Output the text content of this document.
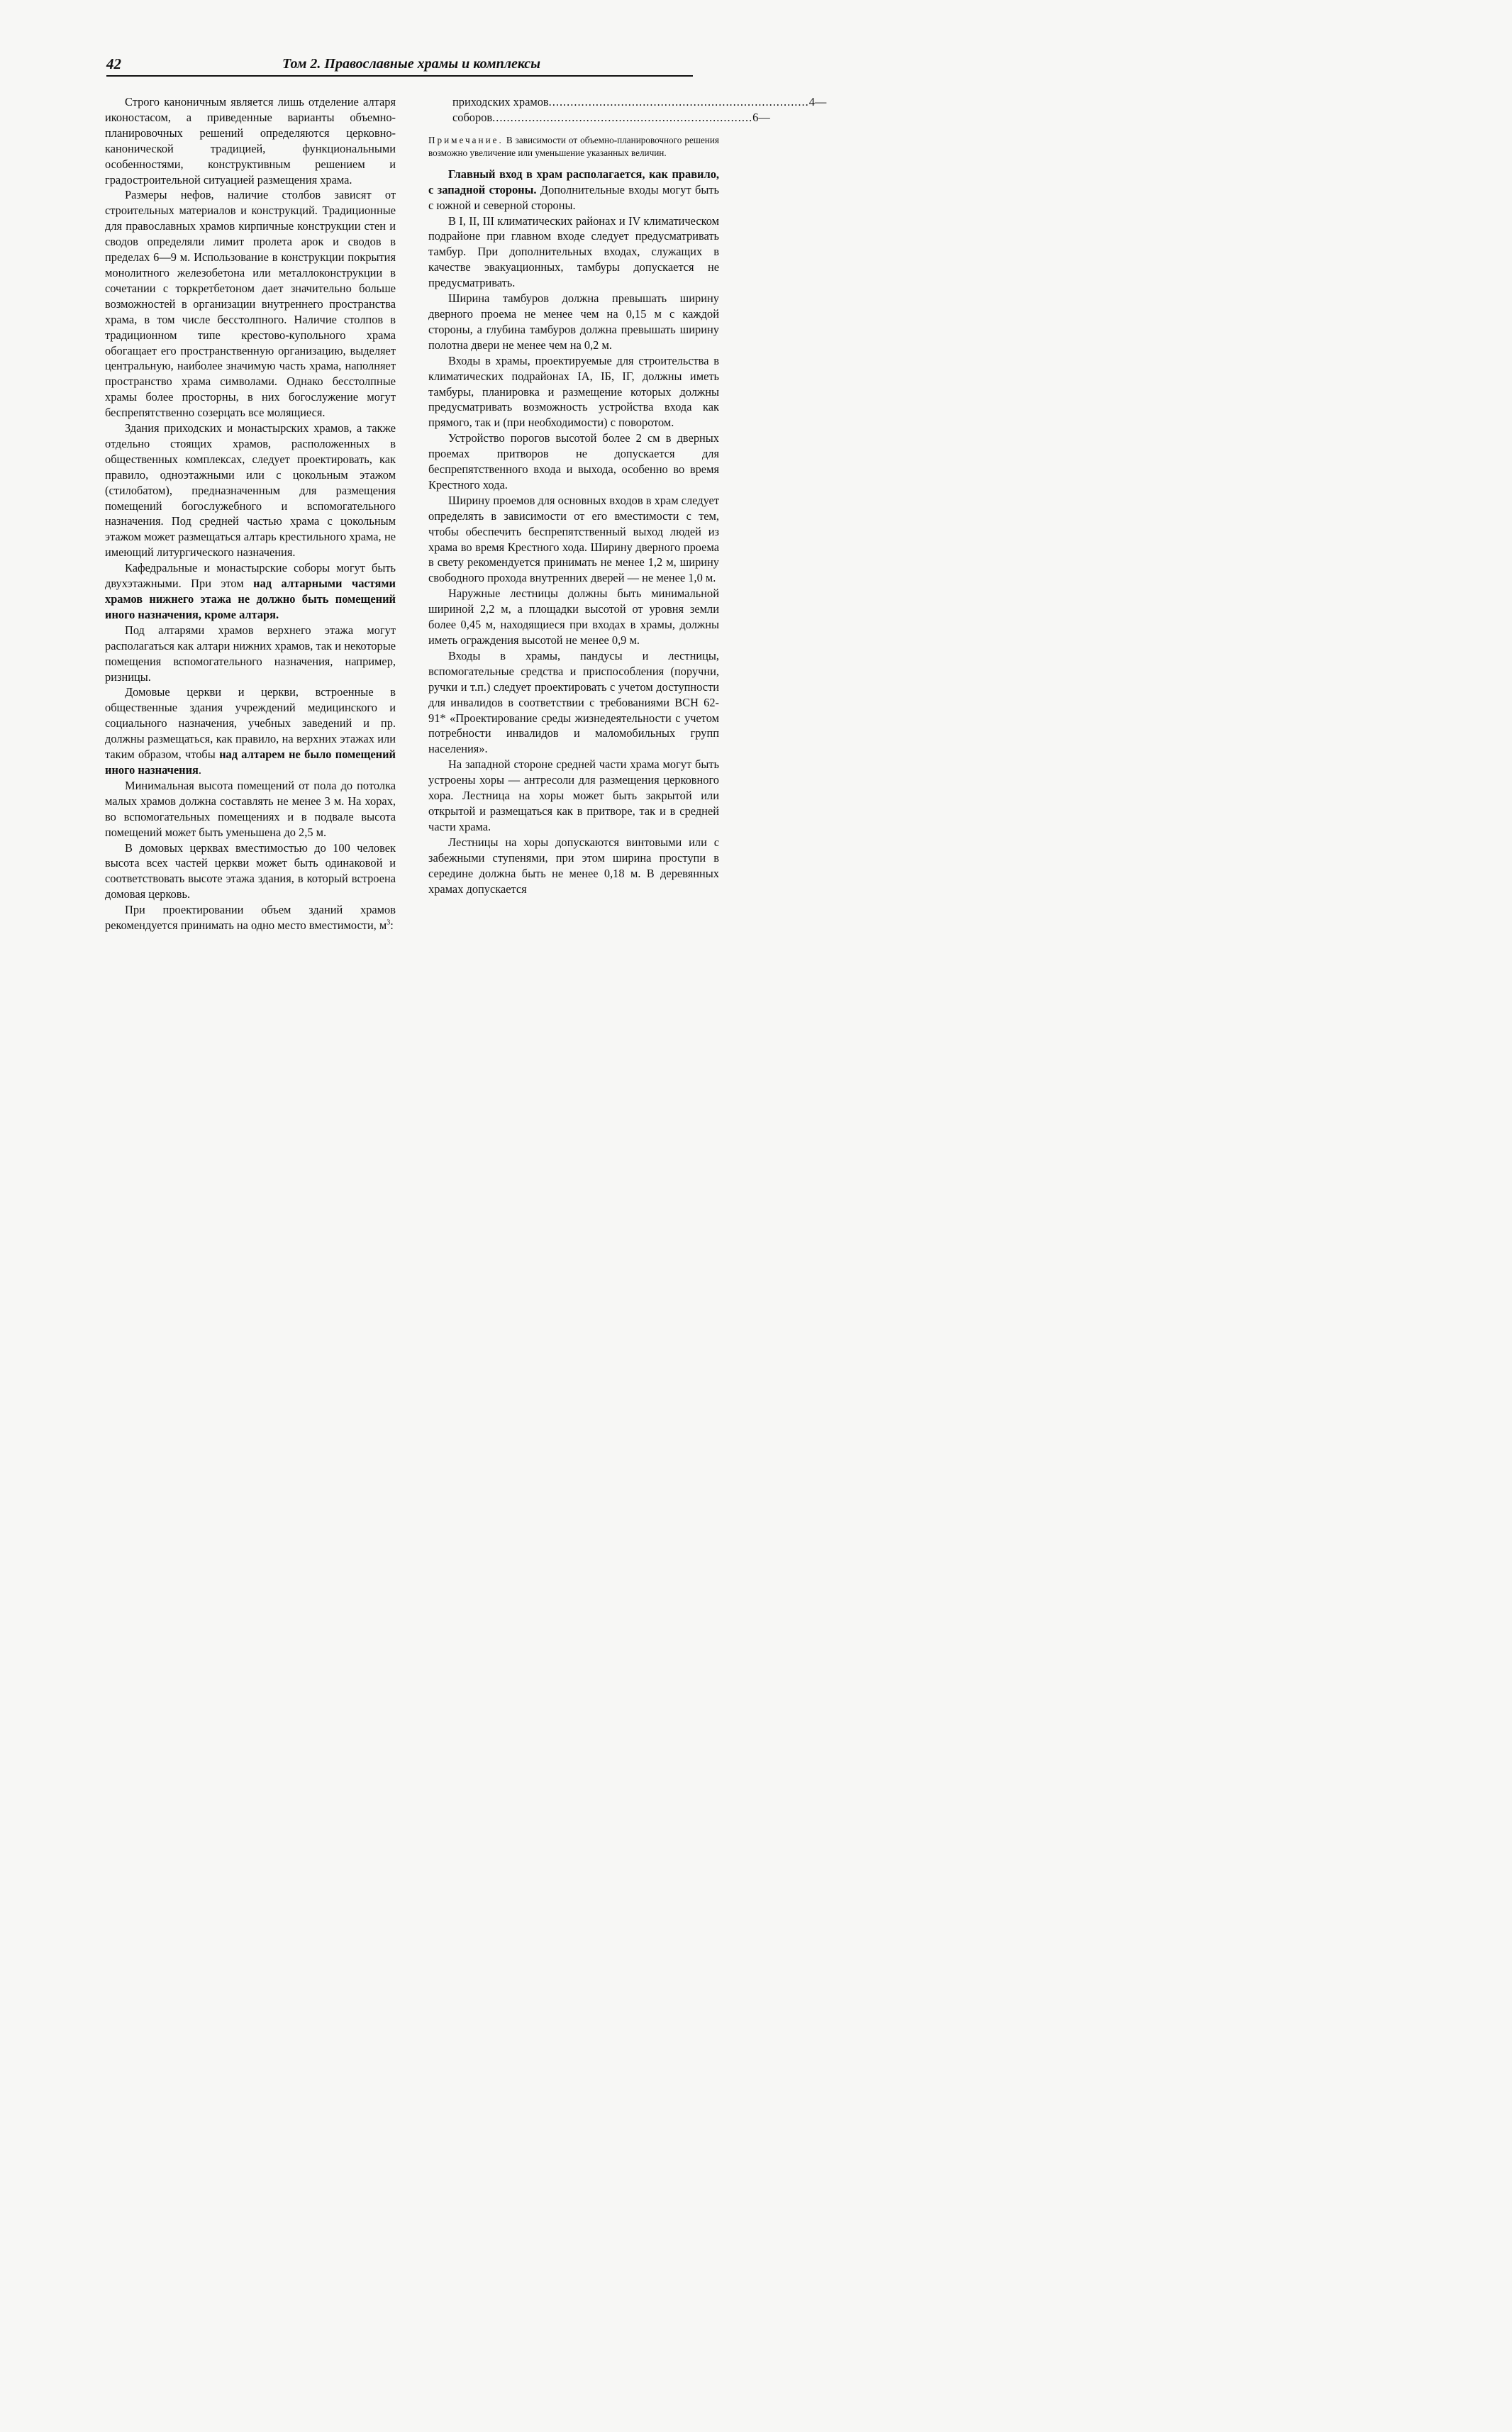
42	Том 2. Православные храмы и комплексы

Строго каноничным является лишь отделение алтаря иконостасом, а приведенные варианты объемно-планировочных решений определяются церковно-канонической традицией, функциональными особенностями, конструктивным решением и градостроительной ситуацией размещения храма.

Размеры нефов, наличие столбов зависят от строительных материалов и конструкций. Традиционные для православных храмов кирпичные конструкции стен и сводов определяли лимит пролета арок и сводов в пределах 6—9 м. Использование в конструкции покрытия монолитного железобетона или металлоконструкции в сочетании с торкретбетоном дает значительно больше возможностей в организации внутреннего пространства храма, в том числе бесстолпного. Наличие столпов в традиционном типе крестово-купольного храма обогащает его пространственную организацию, выделяет центральную, наиболее значимую часть храма, наполняет пространство храма символами. Однако бесстолпные храмы более просторны, в них богослужение могут беспрепятственно созерцать все молящиеся.

Здания приходских и монастырских храмов, а также отдельно стоящих храмов, расположенных в общественных комплексах, следует проектировать, как правило, одноэтажными или с цокольным этажом (стилобатом), предназначенным для размещения помещений богослужебного и вспомогательного назначения. Под средней частью храма с цокольным этажом может размещаться алтарь крестильного храма, не имеющий литургического назначения.

Кафедральные и монастырские соборы могут быть двухэтажными. При этом над алтарными частями храмов нижнего этажа не должно быть помещений иного назначения, кроме алтаря.

Под алтарями храмов верхнего этажа могут располагаться как алтари нижних храмов, так и некоторые помещения вспомогательного назначения, например, ризницы.

Домовые церкви и церкви, встроенные в общественные здания учреждений медицинского и социального назначения, учебных заведений и пр. должны размещаться, как правило, на верхних этажах или таким образом, чтобы над алтарем не было помещений иного назначения.

Минимальная высота помещений от пола до потолка малых храмов должна составлять не менее 3 м. На хорах, во вспомогательных помещениях и в подвале высота помещений может быть уменьшена до 2,5 м.

В домовых церквах вместимостью до 100 человек высота всех частей церкви может быть одинаковой и соответствовать высоте этажа здания, в который встроена домовая церковь.

При проектировании объем зданий храмов рекомендуется принимать на одно место вместимости, $м^3$:

приходских храмов .....	4—
соборов .....	6—

Примечание. В зависимости от объемно-планировочного решения возможно увеличение или уменьшение указанных величин.

Главный вход в храм располагается, как правило, с западной стороны. Дополнительные входы могут быть с южной и северной стороны.

В I, II, III климатических районах и IV климатическом подрайоне при главном входе следует предусматривать тамбур. При дополнительных входах, служащих в качестве эвакуационных, тамбуры допускается не предусматривать.

Ширина тамбуров должна превышать ширину дверного проема не менее чем на 0,15 м с каждой стороны, а глубина тамбуров должна превышать ширину полотна двери не менее чем на 0,2 м.

Входы в храмы, проектируемые для строительства в климатических подрайонах IА, IБ, IГ, должны иметь тамбуры, планировка и размещение которых должны предусматривать возможность устройства входа как прямого, так и (при необходимости) с поворотом.

Устройство порогов высотой более 2 см в дверных проемах притворов не допускается для беспрепятственного входа и выхода, особенно во время Крестного хода.

Ширину проемов для основных входов в храм следует определять в зависимости от его вместимости с тем, чтобы обеспечить беспрепятственный выход людей из храма во время Крестного хода. Ширину дверного проема в свету рекомендуется принимать не менее 1,2 м, ширину свободного прохода внутренних дверей — не менее 1,0 м.

Наружные лестницы должны быть минимальной шириной 2,2 м, а площадки высотой от уровня земли более 0,45 м, находящиеся при входах в храмы, должны иметь ограждения высотой не менее 0,9 м.

Входы в храмы, пандусы и лестницы, вспомогательные средства и приспособления (поручни, ручки и т.п.) следует проектировать с учетом доступности для инвалидов в соответствии с требованиями ВСН 62-91* «Проектирование среды жизнедеятельности с учетом потребности инвалидов и маломобильных групп населения».

На западной стороне средней части храма могут быть устроены хоры — антресоли для размещения церковного хора. Лестница на хоры может быть закрытой или открытой и размещаться как в притворе, так и в средней части храма.

Лестницы на хоры допускаются винтовыми или с забежными ступенями, при этом ширина проступи в середине должна быть не менее 0,18 м. В деревянных храмах допускается
